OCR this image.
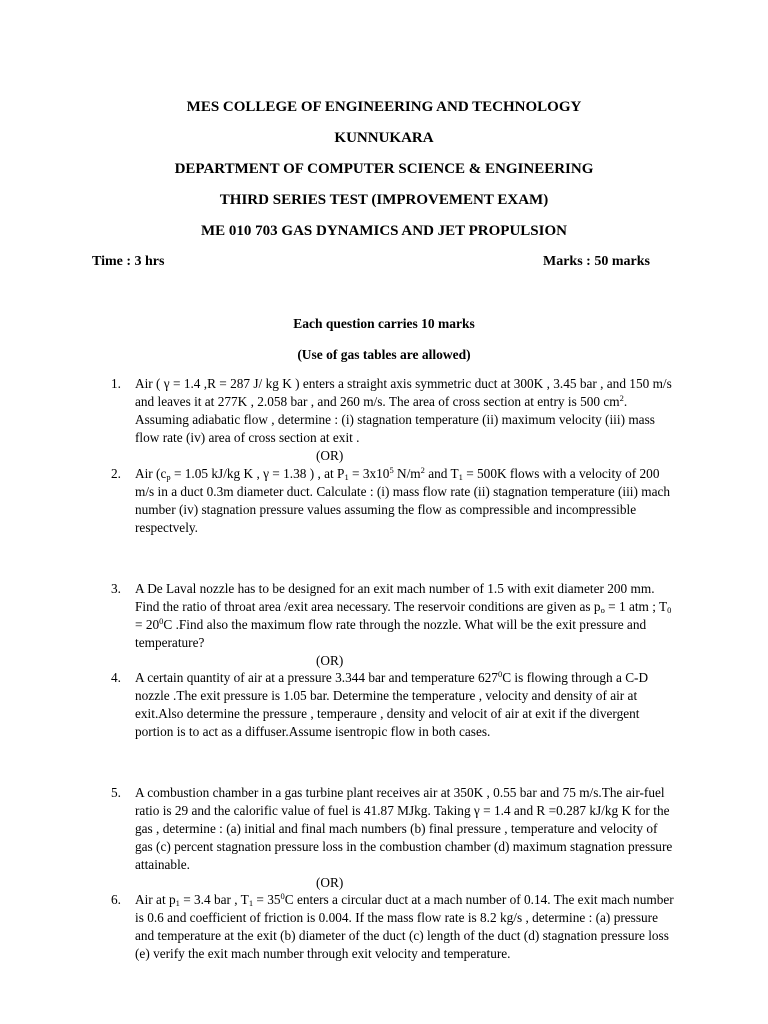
MES COLLEGE OF ENGINEERING AND TECHNOLOGY

KUNNUKARA

DEPARTMENT OF COMPUTER SCIENCE & ENGINEERING

THIRD SERIES TEST (IMPROVEMENT EXAM)

ME 010 703 GAS DYNAMICS AND JET PROPULSION

Time : 3 hrs	Marks : 50 marks
Each question carries 10 marks
(Use of gas tables are allowed)
1. Air ( γ = 1.4 ,R = 287 J/ kg K ) enters a straight axis symmetric duct at 300K , 3.45 bar , and 150 m/s and leaves it at 277K , 2.058 bar , and 260 m/s. The area of cross section at entry is 500 $cm^2$. Assuming adiabatic flow , determine : (i) stagnation temperature (ii) maximum velocity (iii) mass flow rate (iv) area of cross section at exit .

(OR)
2. Air ($c_p = 1.05$ kJ/kg K , γ = 1.38 ) , at $P_1 = 3x10^5$ $N/m^2$ and $T_1 = 500K$ flows with a velocity of 200 m/s in a duct 0.3m diameter duct. Calculate : (i) mass flow rate (ii) stagnation temperature (iii) mach number (iv) stagnation pressure values assuming the flow as compressible and incompressible respectvely.

3. A De Laval nozzle has to be designed for an exit mach number of 1.5 with exit diameter 200 mm. Find the ratio of throat area /exit area necessary. The reservoir conditions are given as $p_o = 1$ atm ; $T_0 = 20^0C$ .Find also the maximum flow rate through the nozzle. What will be the exit pressure and temperature?

(OR)
4. A certain quantity of air at a pressure 3.344 bar and temperature $627^0C$ is flowing through a C-D nozzle .The exit pressure is 1.05 bar. Determine the temperature , velocity and density of air at exit.Also determine the pressure , temperaure , density and velocit of air at exit if the divergent portion is to act as a diffuser.Assume isentropic flow in both cases.

5. A combustion chamber in a gas turbine plant receives air at 350K , 0.55 bar and 75 m/s.The air-fuel ratio is 29 and the calorific value of fuel is 41.87 MJkg. Taking γ = 1.4 and R =0.287 kJ/kg K for the gas , determine : (a) initial and final mach numbers (b) final pressure , temperature and velocity of gas (c) percent stagnation pressure loss in the combustion chamber (d) maximum stagnation pressure attainable.

(OR)
6. Air at $p_1 = 3.4$ bar , $T_1 = 35^0C$ enters a circular duct at a mach number of 0.14. The exit mach number is 0.6 and coefficient of friction is 0.004. If the mass flow rate is 8.2 kg/s , determine : (a) pressure and temperature at the exit (b) diameter of the duct (c) length of the duct (d) stagnation pressure loss (e) verify the exit mach number through exit velocity and temperature.
